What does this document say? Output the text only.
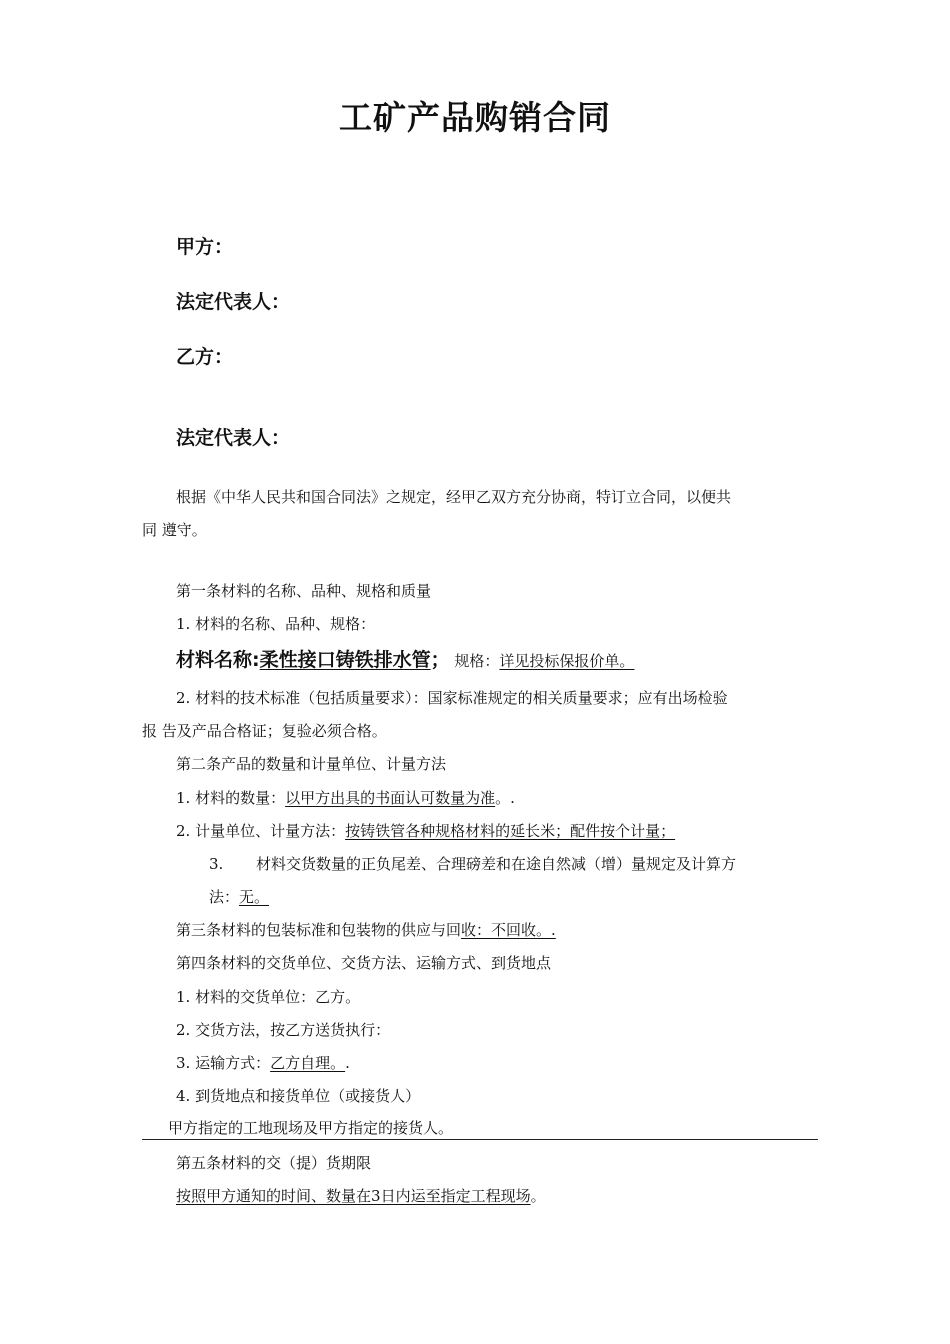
工矿产品购销合同
甲方：
法定代表人：
乙方：
法定代表人：
根据《中华人民共和国合同法》之规定，经甲乙双方充分协商，特订立合同，以便共
同 遵守。
第一条材料的名称、品种、规格和质量
1. 材料的名称、品种、规格：
材料名称:柔性接口铸铁排水管； 规格：详见投标保报价单。
2. 材料的技术标准（包括质量要求）：国家标准规定的相关质量要求；应有出场检验
报 告及产品合格证；复验必须合格。
第二条产品的数量和计量单位、计量方法
1. 材料的数量：以甲方出具的书面认可数量为准。.
2. 计量单位、计量方法：按铸铁管各种规格材料的延长米；配件按个计量；
3. 材料交货数量的正负尾差、合理磅差和在途自然减（增）量规定及计算方
法：无。
第三条材料的包装标准和包装物的供应与回收：不回收。.
第四条材料的交货单位、交货方法、运输方式、到货地点
1. 材料的交货单位：乙方。
2. 交货方法，按乙方送货执行：
3. 运输方式：乙方自理。.
4. 到货地点和接货单位（或接货人）
甲方指定的工地现场及甲方指定的接货人。
第五条材料的交（提）货期限
按照甲方通知的时间、数量在3日内运至指定工程现场。
